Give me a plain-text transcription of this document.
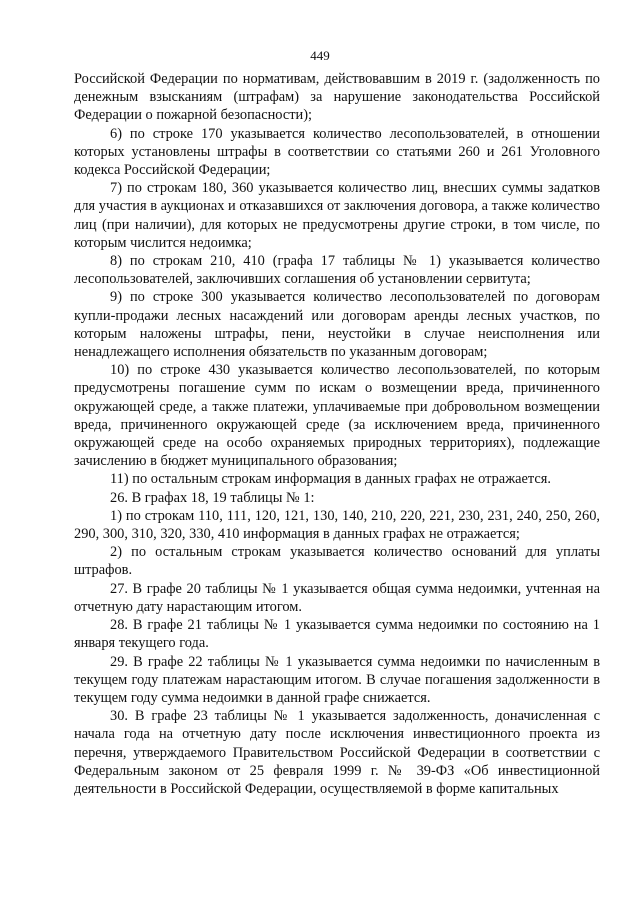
449

Российской Федерации по нормативам, действовавшим в 2019 г. (задолженность по денежным взысканиям (штрафам) за нарушение законодательства Российской Федерации о пожарной безопасности);

6) по строке 170 указывается количество лесопользователей, в отношении которых установлены штрафы в соответствии со статьями 260 и 261 Уголовного кодекса Российской Федерации;

7) по строкам 180, 360 указывается количество лиц, внесших суммы задатков для участия в аукционах и отказавшихся от заключения договора, а также количество лиц (при наличии), для которых не предусмотрены другие строки, в том числе, по которым числится недоимка;

8) по строкам 210, 410 (графа 17 таблицы № 1) указывается количество лесопользователей, заключивших соглашения об установлении сервитута;

9) по строке 300 указывается количество лесопользователей по договорам купли-продажи лесных насаждений или договорам аренды лесных участков, по которым наложены штрафы, пени, неустойки в случае неисполнения или ненадлежащего исполнения обязательств по указанным договорам;

10) по строке 430 указывается количество лесопользователей, по которым предусмотрены погашение сумм по искам о возмещении вреда, причиненного окружающей среде, а также платежи, уплачиваемые при добровольном возмещении вреда, причиненного окружающей среде (за исключением вреда, причиненного окружающей среде на особо охраняемых природных территориях), подлежащие зачислению в бюджет муниципального образования;

11) по остальным строкам информация в данных графах не отражается.

26. В графах 18, 19 таблицы № 1:

1) по строкам 110, 111, 120, 121, 130, 140, 210, 220, 221, 230, 231, 240, 250, 260, 290, 300, 310, 320, 330, 410 информация в данных графах не отражается;

2) по остальным строкам указывается количество оснований для уплаты штрафов.

27. В графе 20 таблицы № 1 указывается общая сумма недоимки, учтенная на отчетную дату нарастающим итогом.

28. В графе 21 таблицы № 1 указывается сумма недоимки по состоянию на 1 января текущего года.

29. В графе 22 таблицы № 1 указывается сумма недоимки по начисленным в текущем году платежам нарастающим итогом. В случае погашения задолженности в текущем году сумма недоимки в данной графе снижается.

30. В графе 23 таблицы № 1 указывается задолженность, доначисленная с начала года на отчетную дату после исключения инвестиционного проекта из перечня, утверждаемого Правительством Российской Федерации в соответствии с Федеральным законом от 25 февраля 1999 г. № 39-ФЗ «Об инвестиционной деятельности в Российской Федерации, осуществляемой в форме капитальных
